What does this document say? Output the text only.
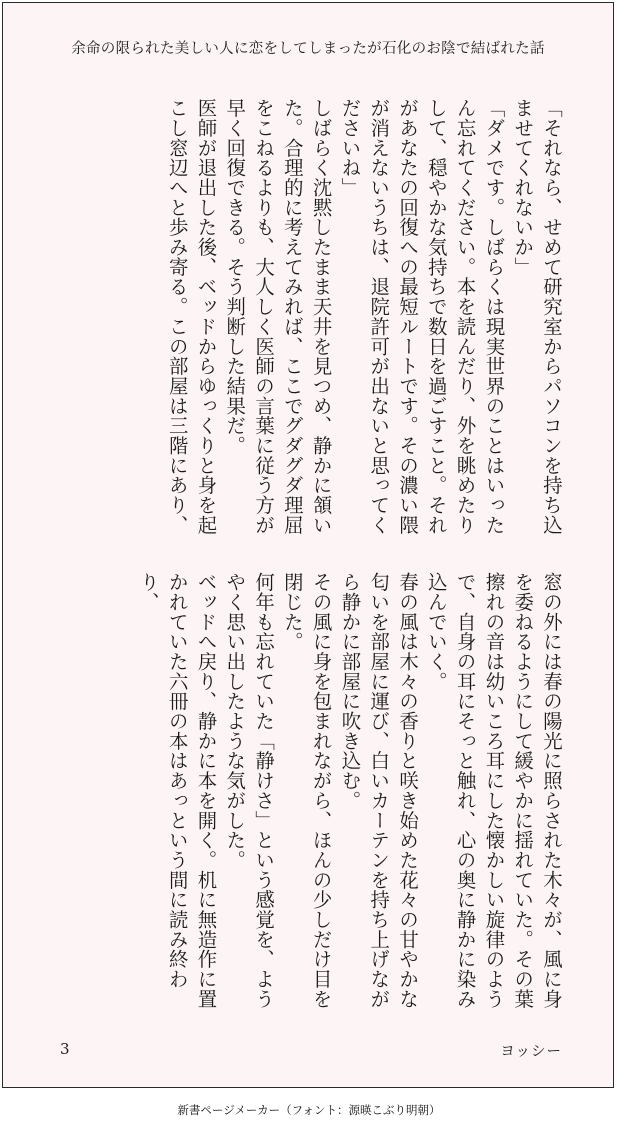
余命の限られた美しい人に恋をしてしまったが石化のお陰で結ばれた話

「それなら、せめて研究室からパソコンを持ち込ませてくれないか」

「ダメです。しばらくは現実世界のことはいったん忘れてください。本を読んだり、外を眺めたりして、穏やかな気持ちで数日を過ごすこと。それがあなたの回復への最短ルートです。その濃い隈が消えないうちは、退院許可が出ないと思ってくださいね」

しばらく沈黙したまま天井を見つめ、静かに頷いた。合理的に考えてみれば、ここでグダグダ理屈をこねるよりも、大人しく医師の言葉に従う方が早く回復できる。そう判断した結果だ。

医師が退出した後、ベッドからゆっくりと身を起こし窓辺へと歩み寄る。この部屋は三階にあり、

窓の外には春の陽光に照らされた木々が、風に身を委ねるようにして緩やかに揺れていた。その葉擦れの音は幼いころ耳にした懐かしい旋律のようで、自身の耳にそっと触れ、心の奥に静かに染み込んでいく。

春の風は木々の香りと咲き始めた花々の甘やかな匂いを部屋に運び、白いカーテンを持ち上げながら静かに部屋に吹き込む。

その風に身を包まれながら、ほんの少しだけ目を閉じた。

何年も忘れていた「静けさ」という感覚を、ようやく思い出したような気がした。

ベッドへ戻り、静かに本を開く。机に無造作に置かれていた六冊の本はあっという間に読み終わり、

3	ヨッシー
新書ページメーカー（フォント：源暎こぶり明朝）
